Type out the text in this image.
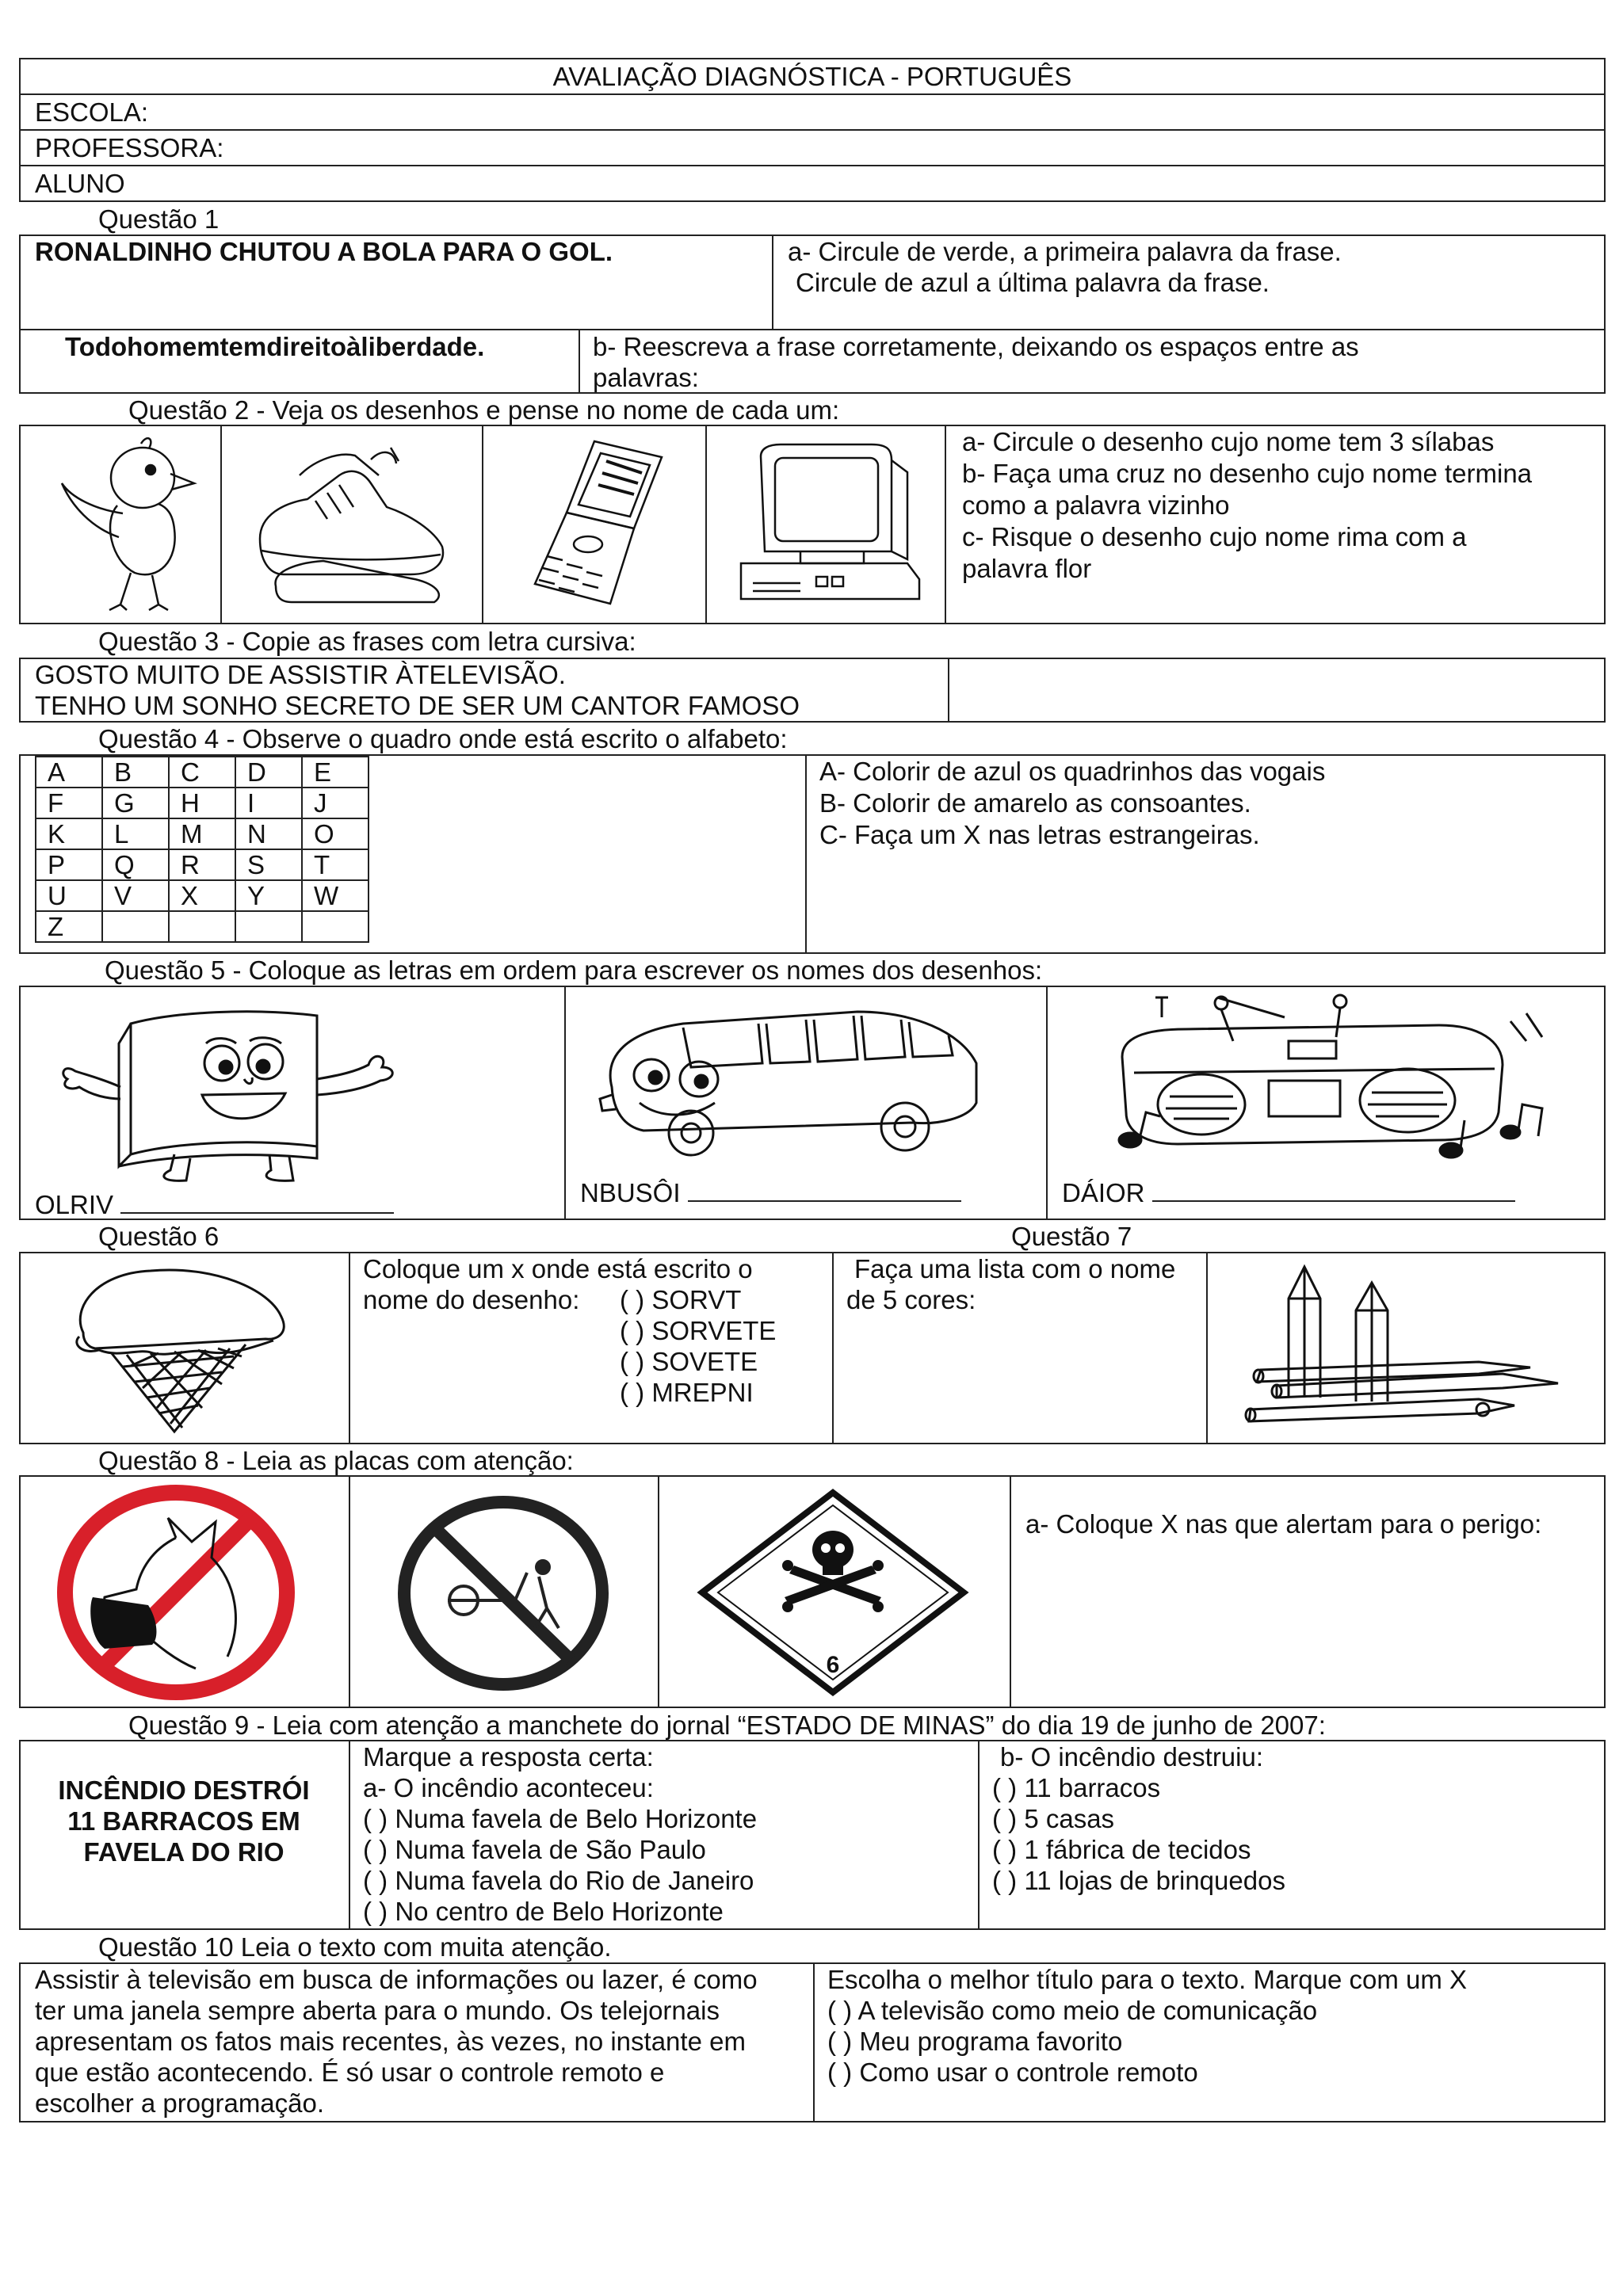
AVALIAÇÃO DIAGNÓSTICA - PORTUGUÊS
ESCOLA:
PROFESSORA:
ALUNO
Questão 1
RONALDINHO CHUTOU A BOLA PARA O GOL.	a- Circule de verde, a primeira palavra da frase.
Circule de azul a última palavra da frase.
Todohomemtemdireitoàliberdade.	b- Reescreva a frase corretamente, deixando os espaços entre as
palavras:
Questão 2 - Veja os desenhos e pense no nome de cada um:
a- Circule o desenho cujo nome tem 3 sílabas
b- Faça uma cruz no desenho cujo nome termina
como a palavra vizinho
c- Risque o desenho cujo nome rima com a
palavra flor
Questão 3 - Copie as frases com letra cursiva:
GOSTO MUITO DE ASSISTIR ÀTELEVISÃO.
TENHO UM SONHO SECRETO DE SER UM CANTOR FAMOSO
Questão 4 - Observe o quadro onde está escrito o alfabeto:
A	B	C	D	E
F	G	H	I	J
K	L	M	N	O
P	Q	R	S	T
U	V	X	Y	W
Z				
A- Colorir de azul os quadrinhos das vogais
B- Colorir de amarelo as consoantes.
C- Faça um X nas letras estrangeiras.
Questão 5 - Coloque as letras em ordem para escrever os nomes dos desenhos:
OLRIV	NBUSÔI	DÁIOR
Questão 6	Questão 7
Coloque um x onde está escrito o
nome do desenho: ( ) SORVT
( ) SORVETE
( ) SOVETE
( ) MREPNI
Faça uma lista com o nome
de 5 cores:
Questão 8 - Leia as placas com atenção:
6
a- Coloque X nas que alertam para o perigo:
Questão 9 - Leia com atenção a manchete do jornal “ESTADO DE MINAS” do dia 19 de junho de 2007:
INCÊNDIO DESTRÓI
11 BARRACOS EM
FAVELA DO RIO
Marque a resposta certa:
a- O incêndio aconteceu:
( ) Numa favela de Belo Horizonte
( ) Numa favela de São Paulo
( ) Numa favela do Rio de Janeiro
( ) No centro de Belo Horizonte
b- O incêndio destruiu:
( ) 11 barracos
( ) 5 casas
( ) 1 fábrica de tecidos
( ) 11 lojas de brinquedos
Questão 10 Leia o texto com muita atenção.
Assistir à televisão em busca de informações ou lazer, é como
ter uma janela sempre aberta para o mundo. Os telejornais
apresentam os fatos mais recentes, às vezes, no instante em
que estão acontecendo. É só usar o controle remoto e
escolher a programação.
Escolha o melhor título para o texto. Marque com um X
( ) A televisão como meio de comunicação
( ) Meu programa favorito
( ) Como usar o controle remoto
